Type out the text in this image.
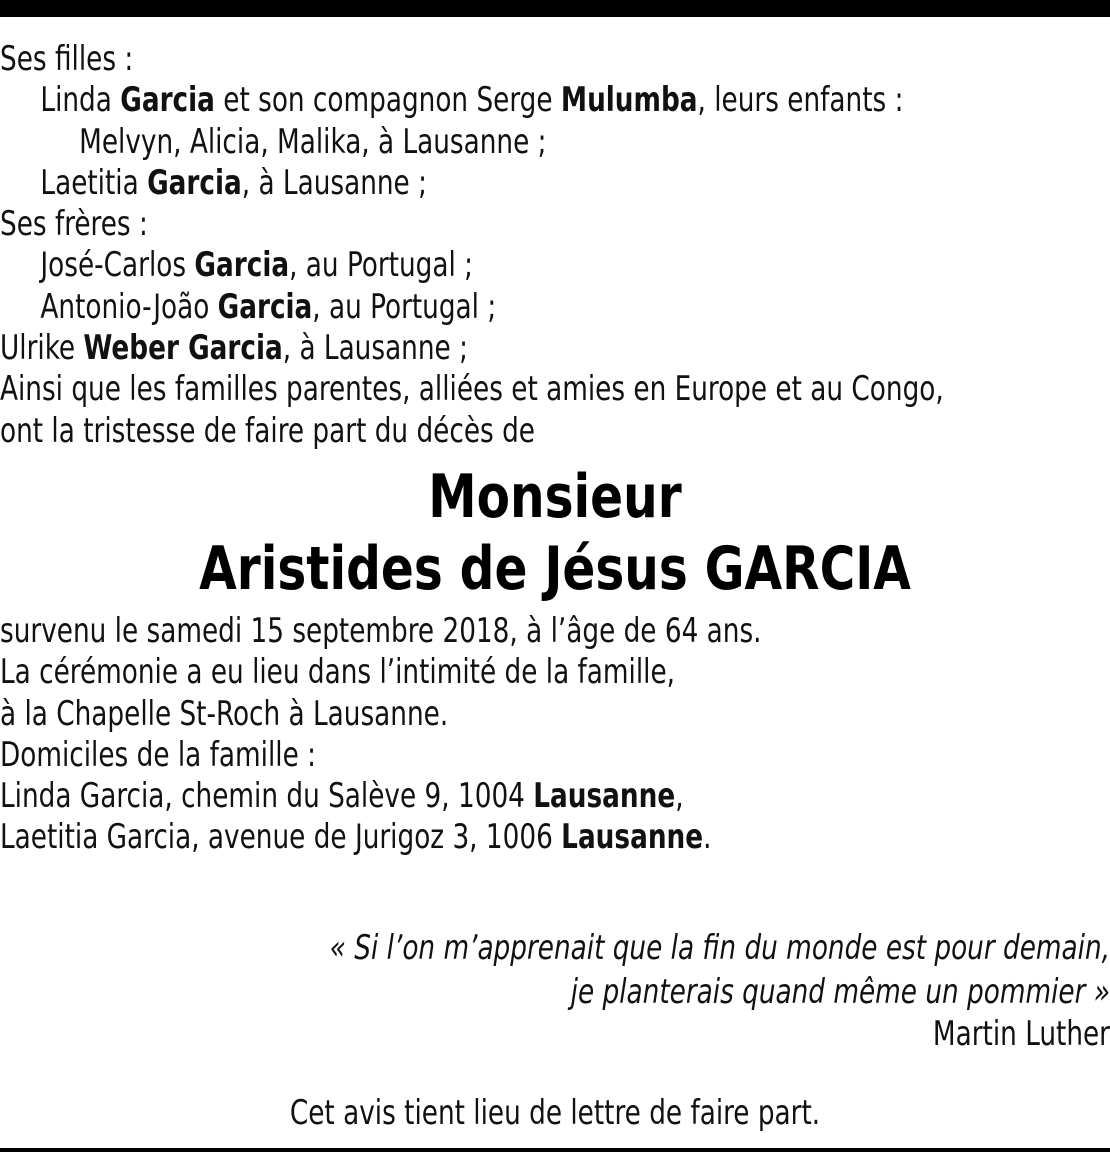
Ses filles :
Linda Garcia et son compagnon Serge Mulumba, leurs enfants :
Melvyn, Alicia, Malika, à Lausanne ;
Laetitia Garcia, à Lausanne ;
Ses frères :
José-Carlos Garcia, au Portugal ;
Antonio-João Garcia, au Portugal ;
Ulrike Weber Garcia, à Lausanne ;
Ainsi que les familles parentes, alliées et amies en Europe et au Congo,
ont la tristesse de faire part du décès de
Monsieur
Aristides de Jésus GARCIA
survenu le samedi 15 septembre 2018, à l’âge de 64 ans.
La cérémonie a eu lieu dans l’intimité de la famille,
à la Chapelle St-Roch à Lausanne.
Domiciles de la famille :
Linda Garcia, chemin du Salève 9, 1004 Lausanne,
Laetitia Garcia, avenue de Jurigoz 3, 1006 Lausanne.
« Si l’on m’apprenait que la fin du monde est pour demain,
je planterais quand même un pommier »
Martin Luther
Cet avis tient lieu de lettre de faire part.
